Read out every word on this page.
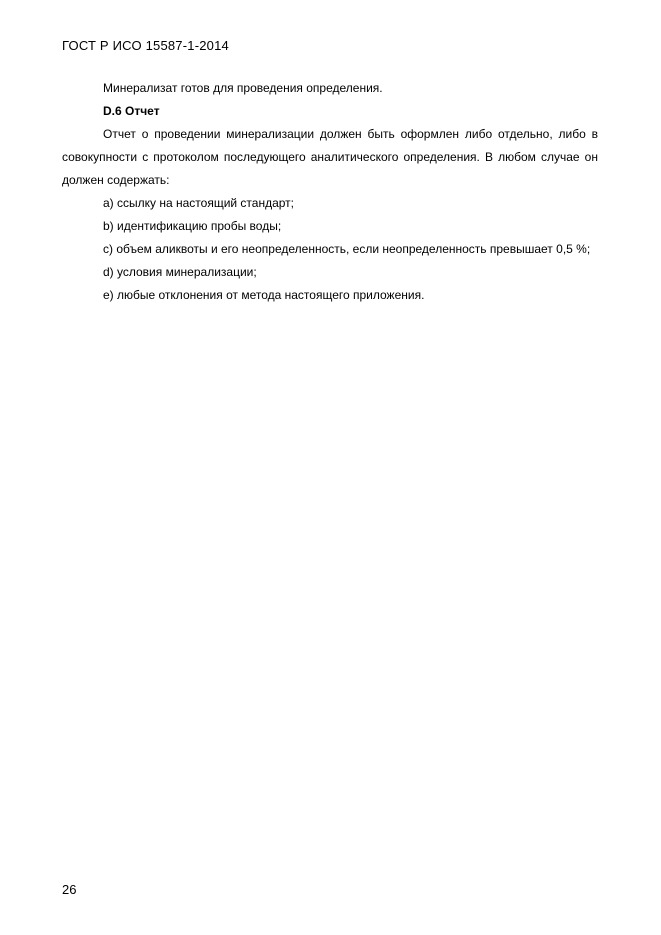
ГОСТ Р ИСО 15587-1-2014

Минерализат готов для проведения определения.

D.6 Отчет

Отчет о проведении минерализации должен быть оформлен либо отдельно, либо в совокупности с протоколом последующего аналитического определения. В любом случае он должен содержать:

a) ссылку на настоящий стандарт;

b) идентификацию пробы воды;

c) объем аликвоты и его неопределенность, если неопределенность превышает 0,5 %;

d) условия минерализации;

e) любые отклонения от метода настоящего приложения.

26
